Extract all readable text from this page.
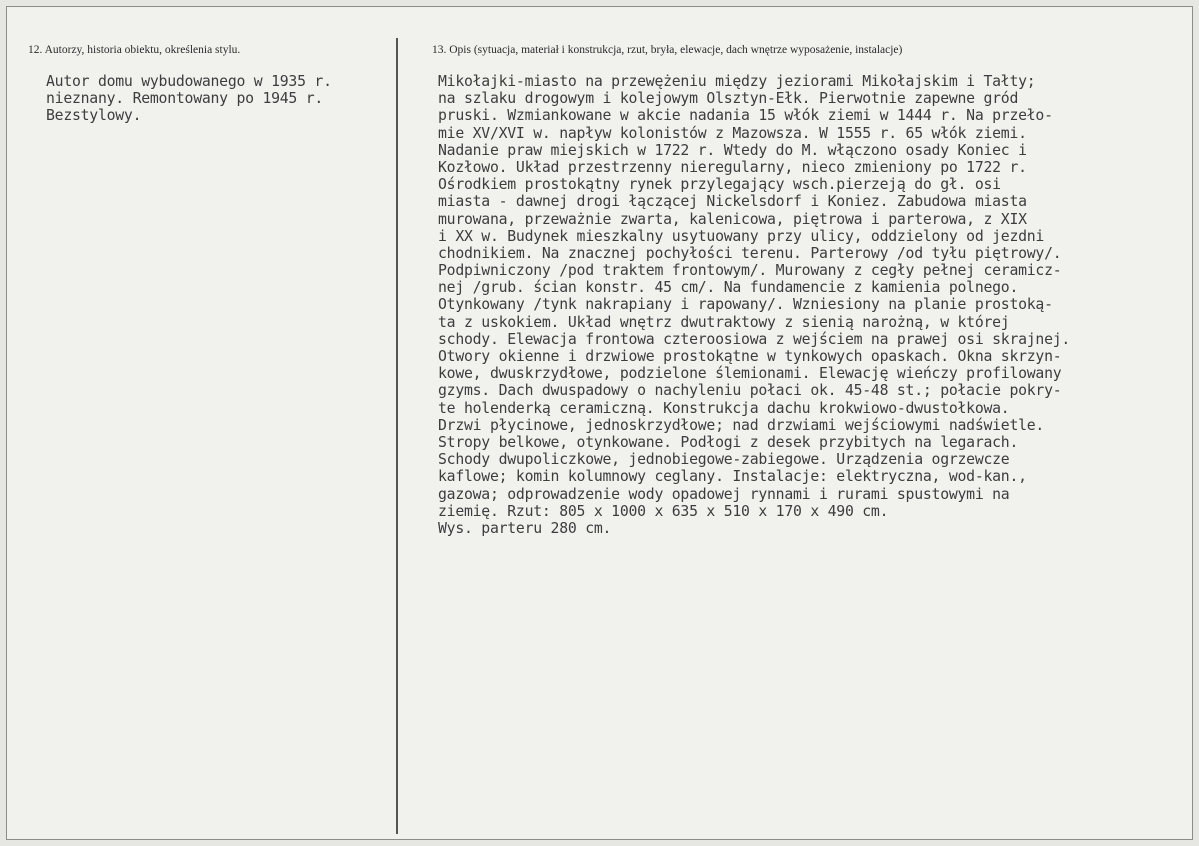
12. Autorzy, historia obiektu, określenia stylu.	13. Opis (sytuacja, materiał i konstrukcja, rzut, bryła, elewacje, dach wnętrze wyposażenie, instalacje)
Autor domu wybudowanego w 1935 r.
nieznany. Remontowany po 1945 r.
Bezstylowy.
Mikołajki-miasto na przewężeniu między jeziorami Mikołajskim i Tałty;
na szlaku drogowym i kolejowym Olsztyn-Ełk. Pierwotnie zapewne gród
pruski. Wzmiankowane w akcie nadania 15 włók ziemi w 1444 r. Na przeło-
mie XV/XVI w. napływ kolonistów z Mazowsza. W 1555 r. 65 włók ziemi.
Nadanie praw miejskich w 1722 r. Wtedy do M. włączono osady Koniec i
Kozłowo. Układ przestrzenny nieregularny, nieco zmieniony po 1722 r.
Ośrodkiem prostokątny rynek przylegający wsch.pierzeją do gł. osi
miasta - dawnej drogi łączącej Nickelsdorf i Koniez. Zabudowa miasta
murowana, przeważnie zwarta, kalenicowa, piętrowa i parterowa, z XIX
i XX w. Budynek mieszkalny usytuowany przy ulicy, oddzielony od jezdni
chodnikiem. Na znacznej pochyłości terenu. Parterowy /od tyłu piętrowy/.
Podpiwniczony /pod traktem frontowym/. Murowany z cegły pełnej ceramicz-
nej /grub. ścian konstr. 45 cm/. Na fundamencie z kamienia polnego.
Otynkowany /tynk nakrapiany i rapowany/. Wzniesiony na planie prostoką-
ta z uskokiem. Układ wnętrz dwutraktowy z sienią narożną, w której
schody. Elewacja frontowa czteroosiowa z wejściem na prawej osi skrajnej.
Otwory okienne i drzwiowe prostokątne w tynkowych opaskach. Okna skrzyn-
kowe, dwuskrzydłowe, podzielone ślemionami. Elewację wieńczy profilowany
gzyms. Dach dwuspadowy o nachyleniu połaci ok. 45-48 st.; połacie pokry-
te holenderką ceramiczną. Konstrukcja dachu krokwiowo-dwustołkowa.
Drzwi płycinowe, jednoskrzydłowe; nad drzwiami wejściowymi nadświetle.
Stropy belkowe, otynkowane. Podłogi z desek przybitych na legarach.
Schody dwupoliczkowe, jednobiegowe-zabiegowe. Urządzenia ogrzewcze
kaflowe; komin kolumnowy ceglany. Instalacje: elektryczna, wod-kan.,
gazowa; odprowadzenie wody opadowej rynnami i rurami spustowymi na
ziemię. Rzut: 805 x 1000 x 635 x 510 x 170 x 490 cm.
Wys. parteru 280 cm.
